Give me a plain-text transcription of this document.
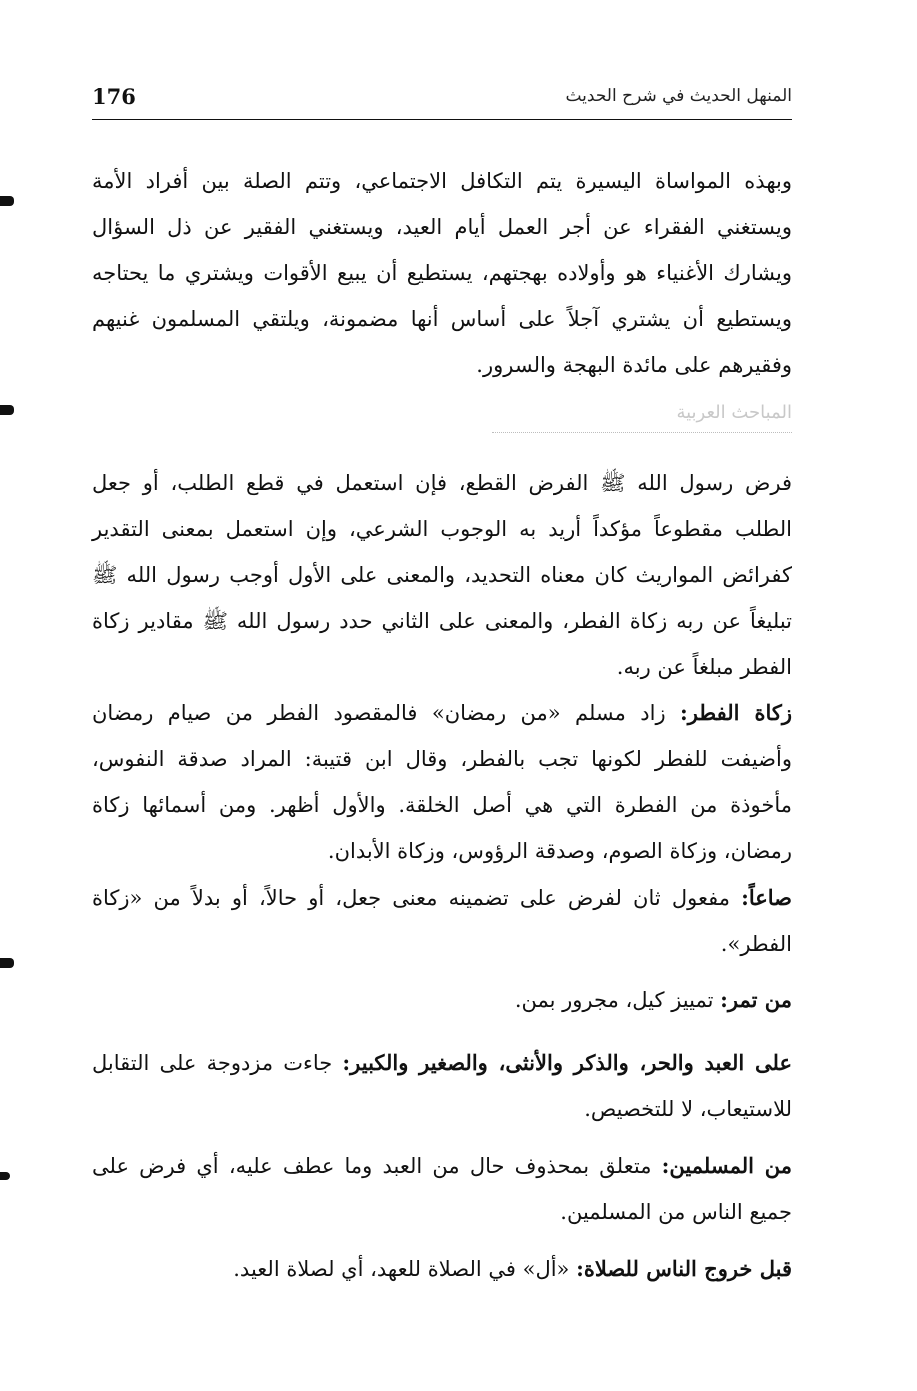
176	المنهل الحديث في شرح الحديث

وبهذه المواساة اليسيرة يتم التكافل الاجتماعي، وتتم الصلة بين أفراد الأمة ويستغني الفقراء عن أجر العمل أيام العيد، ويستغني الفقير عن ذل السؤال ويشارك الأغنياء هو وأولاده بهجتهم، يستطيع أن يبيع الأقوات ويشتري ما يحتاجه ويستطيع أن يشتري آجلاً على أساس أنها مضمونة، ويلتقي المسلمون غنيهم وفقيرهم على مائدة البهجة والسرور.

المباحث العربية

فرض رسول الله ﷺ الفرض القطع، فإن استعمل في قطع الطلب، أو جعل الطلب مقطوعاً مؤكداً أريد به الوجوب الشرعي، وإن استعمل بمعنى التقدير كفرائض المواريث كان معناه التحديد، والمعنى على الأول أوجب رسول الله ﷺ تبليغاً عن ربه زكاة الفطر، والمعنى على الثاني حدد رسول الله ﷺ مقادير زكاة الفطر مبلغاً عن ربه.

زكاة الفطر: زاد مسلم «من رمضان» فالمقصود الفطر من صيام رمضان وأضيفت للفطر لكونها تجب بالفطر، وقال ابن قتيبة: المراد صدقة النفوس، مأخوذة من الفطرة التي هي أصل الخلقة. والأول أظهر. ومن أسمائها زكاة رمضان، وزكاة الصوم، وصدقة الرؤوس، وزكاة الأبدان.

صاعاً: مفعول ثان لفرض على تضمينه معنى جعل، أو حالاً، أو بدلاً من «زكاة الفطر».

من تمر: تمييز كيل، مجرور بمن.

على العبد والحر، والذكر والأنثى، والصغير والكبير: جاءت مزدوجة على التقابل للاستيعاب، لا للتخصيص.

من المسلمين: متعلق بمحذوف حال من العبد وما عطف عليه، أي فرض على جميع الناس من المسلمين.

قبل خروج الناس للصلاة: «أل» في الصلاة للعهد، أي لصلاة العيد.
